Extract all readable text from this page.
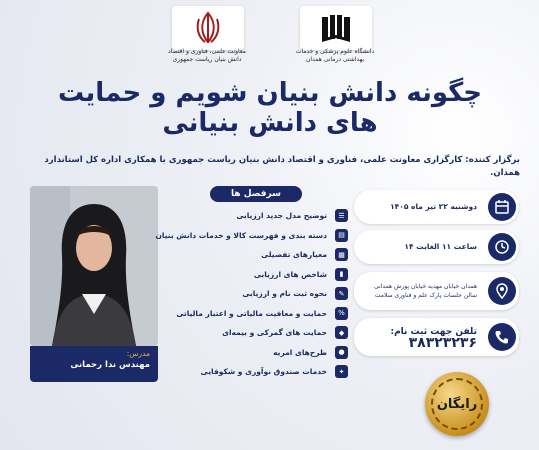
معاونت علمی، فناوری و اقتصاد دانش بنیان ریاست جمهوری
دانشگاه علوم پزشکی و خدمات بهداشتی درمانی همدان
چگونه دانش بنیان شویم و حمایت های دانش بنیانی
برگزار کننده: کارگزاری معاونت علمی، فناوری و اقتصاد دانش بنیان ریاست جمهوری با همکاری اداره کل استاندارد همدان.
مدرس:
مهندس ندا رحمانی
سرفصل ها
☰
توضیح مدل جدید ارزیابی
▤
دسته بندی و فهرست کالا و خدمات دانش بنیان
▦
معیارهای تفصیلی
▮
شاخص های ارزیابی
✎
نحوه ثبت نام و ارزیابی
%
حمایت و معافیت مالیاتی و اعتبار مالیاتی
◆
حمایت های گمرکی و بیمه‌ای
●
طرح‌های امریه
✦
خدمات صندوق نوآوری و شکوفایی
دوشنبه ۲۲ تیر ماه ۱۴۰۵
ساعت ۱۱ الغایت ۱۴
همدان خیابان مهدیه خیابان پورش همدانی سالن جلسات پارک علم و فناوری سلامت
تلفن جهت ثبت نام:
۳۸۳۲۳۲۳۶
رایگان
